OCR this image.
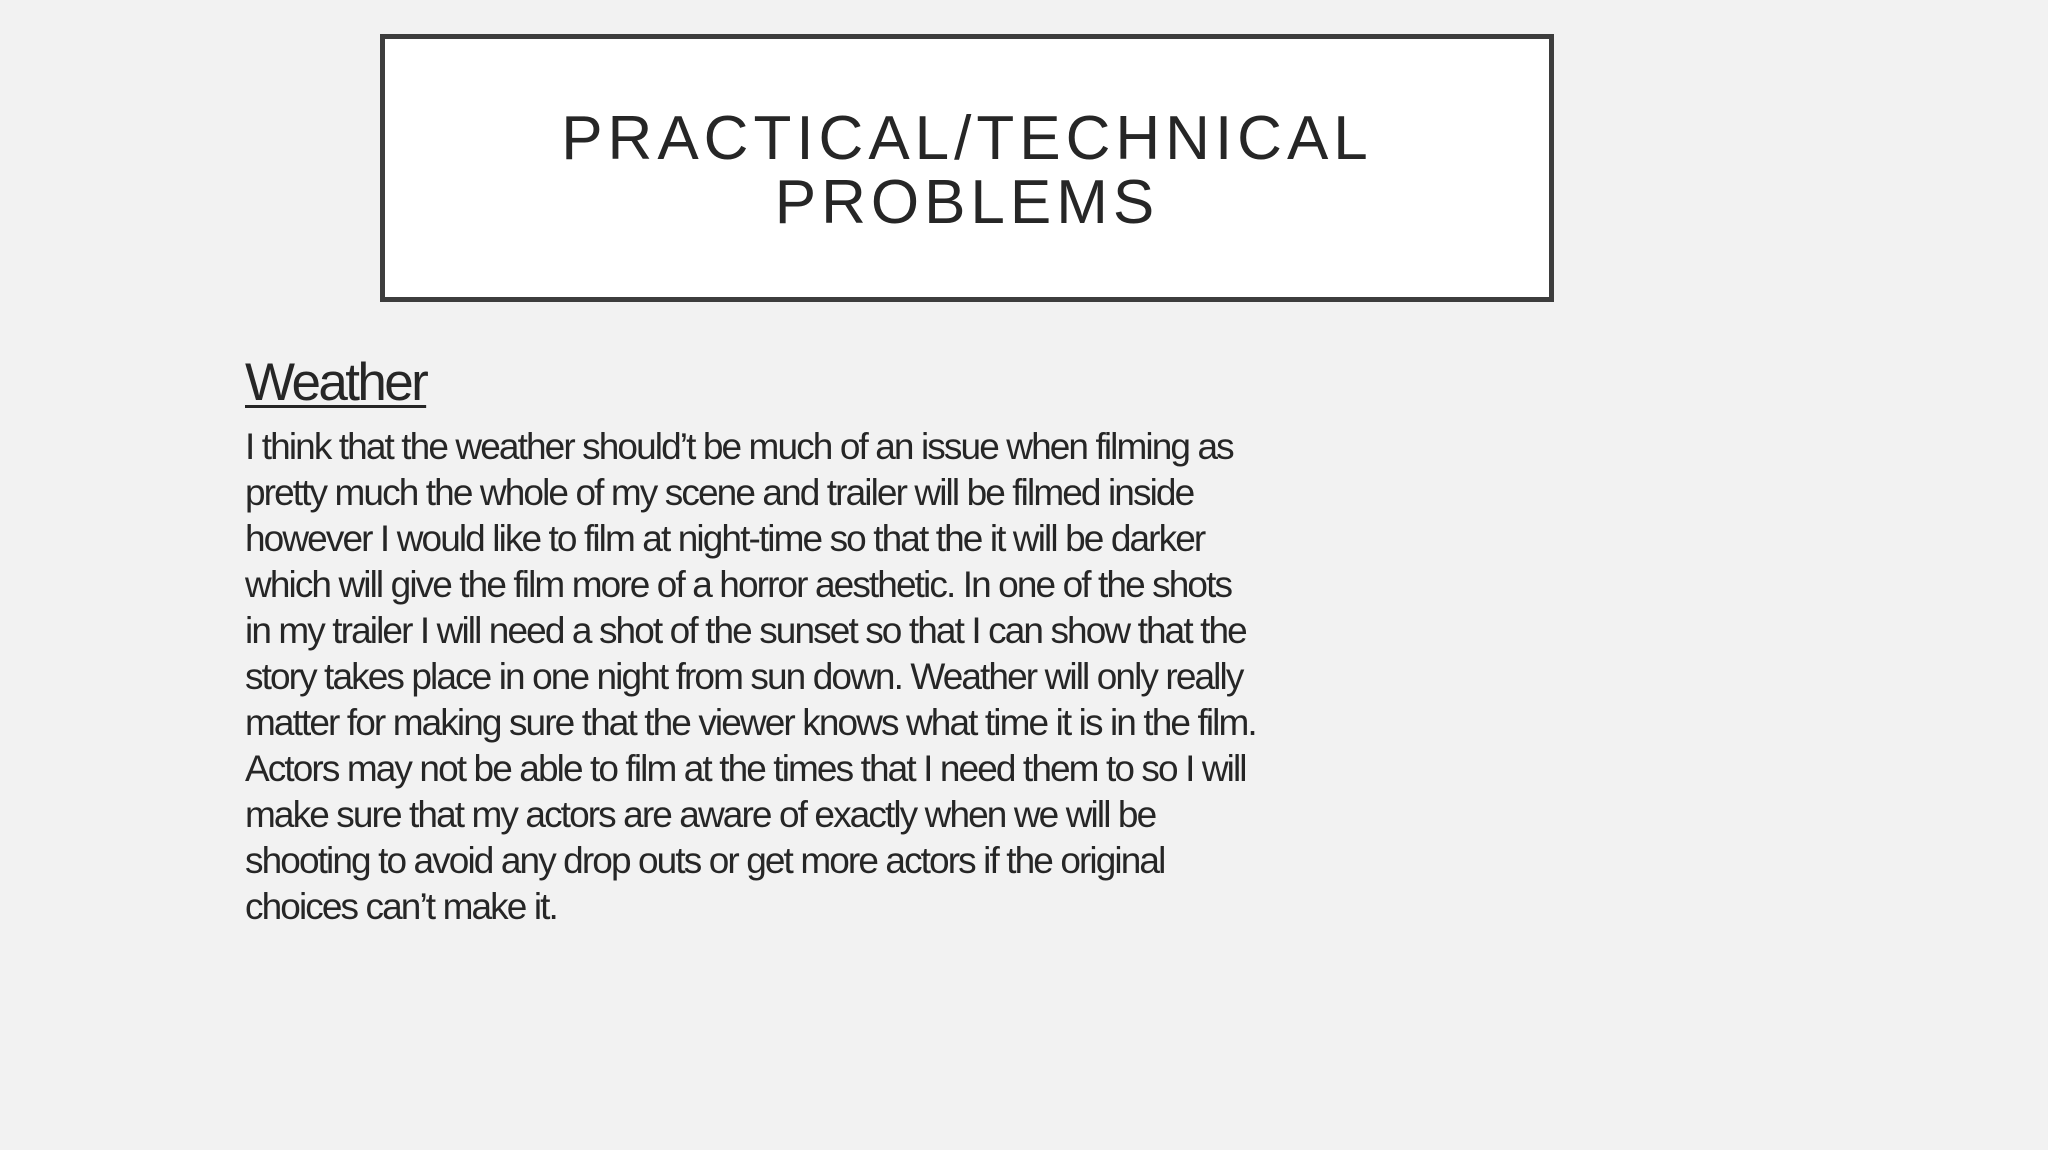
PRACTICAL/TECHNICAL
PROBLEMS
Weather
I think that the weather should’t be much of an issue when filming as
pretty much the whole of my scene and trailer will be filmed inside
however I would like to film at night-time so that the it will be darker
which will give the film more of a horror aesthetic. In one of the shots
in my trailer I will need a shot of the sunset so that I can show that the
story takes place in one night from sun down. Weather will only really
matter for making sure that the viewer knows what time it is in the film.
Actors may not be able to film at the times that I need them to so I will
make sure that my actors are aware of exactly when we will be
shooting to avoid any drop outs or get more actors if the original
choices can’t make it.
